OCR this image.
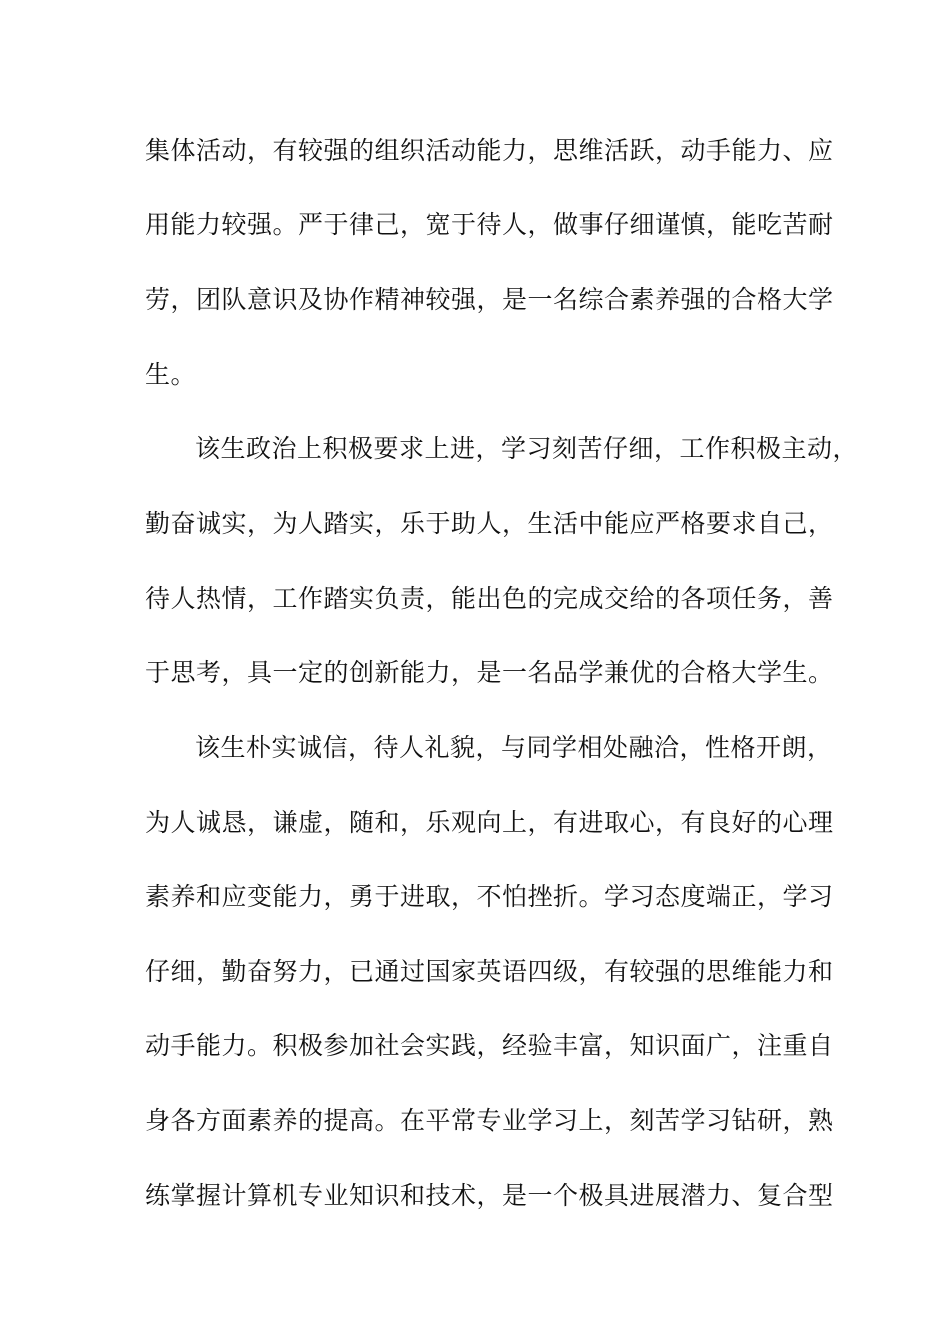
集体活动，有较强的组织活动能力，思维活跃，动手能力、应
用能力较强。严于律己，宽于待人，做事仔细谨慎，能吃苦耐
劳，团队意识及协作精神较强，是一名综合素养强的合格大学
生。
该生政治上积极要求上进，学习刻苦仔细，工作积极主动，
勤奋诚实，为人踏实，乐于助人，生活中能应严格要求自己，
待人热情，工作踏实负责，能出色的完成交给的各项任务，善
于思考，具一定的创新能力，是一名品学兼优的合格大学生。
该生朴实诚信，待人礼貌，与同学相处融洽，性格开朗，
为人诚恳，谦虚，随和，乐观向上，有进取心，有良好的心理
素养和应变能力，勇于进取，不怕挫折。学习态度端正，学习
仔细，勤奋努力，已通过国家英语四级，有较强的思维能力和
动手能力。积极参加社会实践，经验丰富，知识面广，注重自
身各方面素养的提高。在平常专业学习上，刻苦学习钻研，熟
练掌握计算机专业知识和技术，是一个极具进展潜力、复合型
